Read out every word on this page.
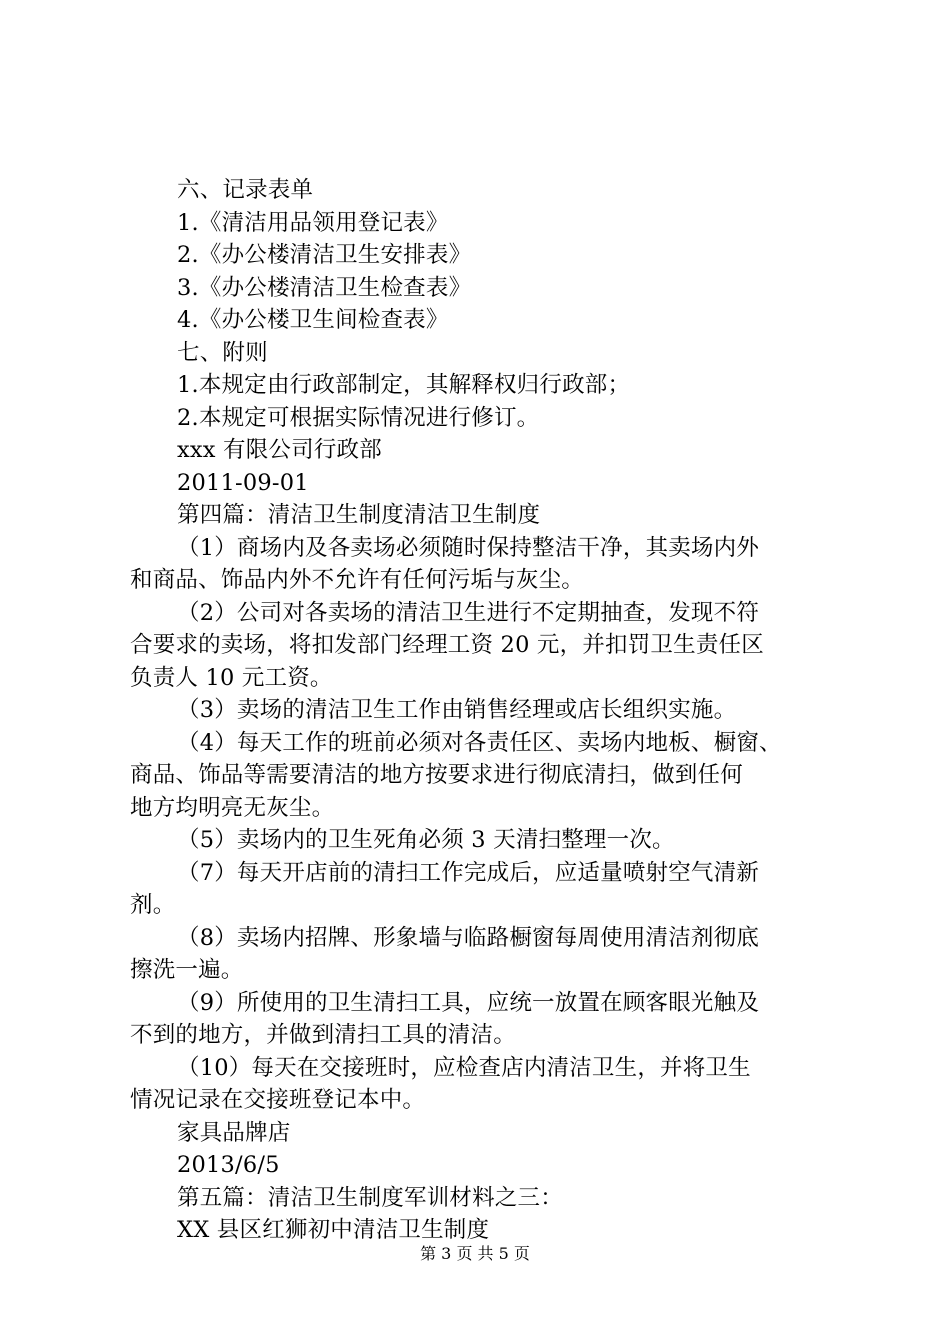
六、记录表单
1.《清洁用品领用登记表》
2.《办公楼清洁卫生安排表》
3.《办公楼清洁卫生检查表》
4.《办公楼卫生间检查表》
七、附则
1.本规定由行政部制定，其解释权归行政部；
2.本规定可根据实际情况进行修订。
xxx 有限公司行政部
2011-09-01
第四篇：清洁卫生制度清洁卫生制度
（1）商场内及各卖场必须随时保持整洁干净，其卖场内外
和商品、饰品内外不允许有任何污垢与灰尘。
（2）公司对各卖场的清洁卫生进行不定期抽查，发现不符
合要求的卖场，将扣发部门经理工资 20 元，并扣罚卫生责任区
负责人 10 元工资。
（3）卖场的清洁卫生工作由销售经理或店长组织实施。
（4）每天工作的班前必须对各责任区、卖场内地板、橱窗、
商品、饰品等需要清洁的地方按要求进行彻底清扫，做到任何
地方均明亮无灰尘。
（5）卖场内的卫生死角必须 3 天清扫整理一次。
（7）每天开店前的清扫工作完成后，应适量喷射空气清新
剂。
（8）卖场内招牌、形象墙与临路橱窗每周使用清洁剂彻底
擦洗一遍。
（9）所使用的卫生清扫工具，应统一放置在顾客眼光触及
不到的地方，并做到清扫工具的清洁。
（10）每天在交接班时，应检查店内清洁卫生，并将卫生
情况记录在交接班登记本中。
家具品牌店
2013/6/5
第五篇：清洁卫生制度军训材料之三：
XX 县区红狮初中清洁卫生制度
第 3 页 共 5 页
